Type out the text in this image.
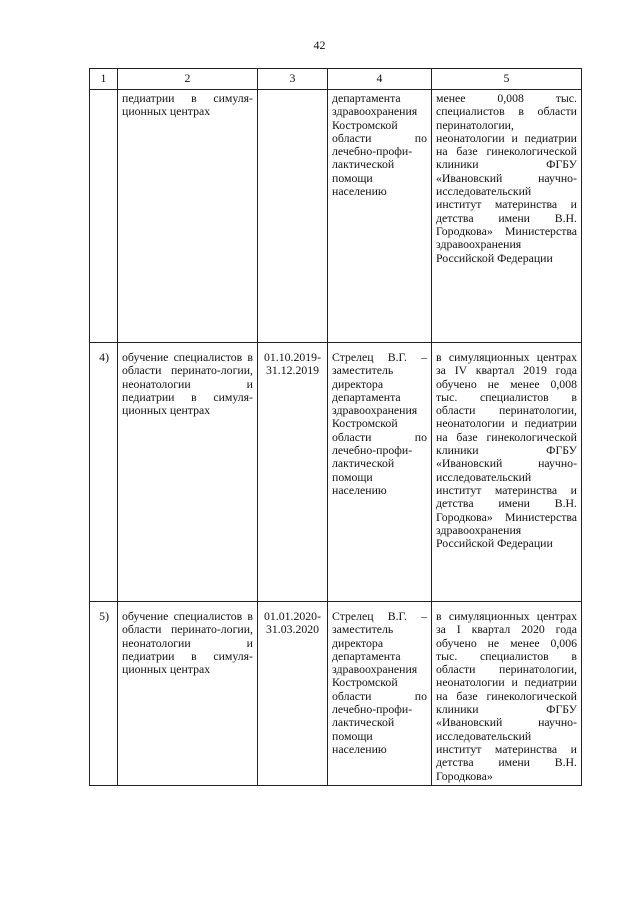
42
1	2	3	4	5
	педиатрии в симуля-ционных центрах		департамента здравоохранения Костромской области по лечебно-профи-лактической помощи населению	менее 0,008 тыс. специалистов в области перинатологии, неонатологии и педиатрии на базе гинекологической клиники ФГБУ «Ивановский научно-исследовательский институт материнства и детства имени В.Н. Городкова» Министерства здравоохранения Российской Федерации
4)	обучение специалистов в области перинато-логии, неонатологии и педиатрии в симуля-ционных центрах	01.10.2019-31.12.2019	Стрелец В.Г. – заместитель директора департамента здравоохранения Костромской области по лечебно-профи-лактической помощи населению	в симуляционных центрах за IV квартал 2019 года обучено не менее 0,008 тыс. специалистов в области перинатологии, неонатологии и педиатрии на базе гинекологической клиники ФГБУ «Ивановский научно-исследовательский институт материнства и детства имени В.Н. Городкова» Министерства здравоохранения Российской Федерации
5)	обучение специалистов в области перинато-логии, неонатологии и педиатрии в симуля-ционных центрах	01.01.2020-31.03.2020	Стрелец В.Г. – заместитель директора департамента здравоохранения Костромской области по лечебно-профи-лактической помощи населению	в симуляционных центрах за I квартал 2020 года обучено не менее 0,006 тыс. специалистов в области перинатологии, неонатологии и педиатрии на базе гинекологической клиники ФГБУ «Ивановский научно-исследовательский институт материнства и детства имени В.Н. Городкова»
